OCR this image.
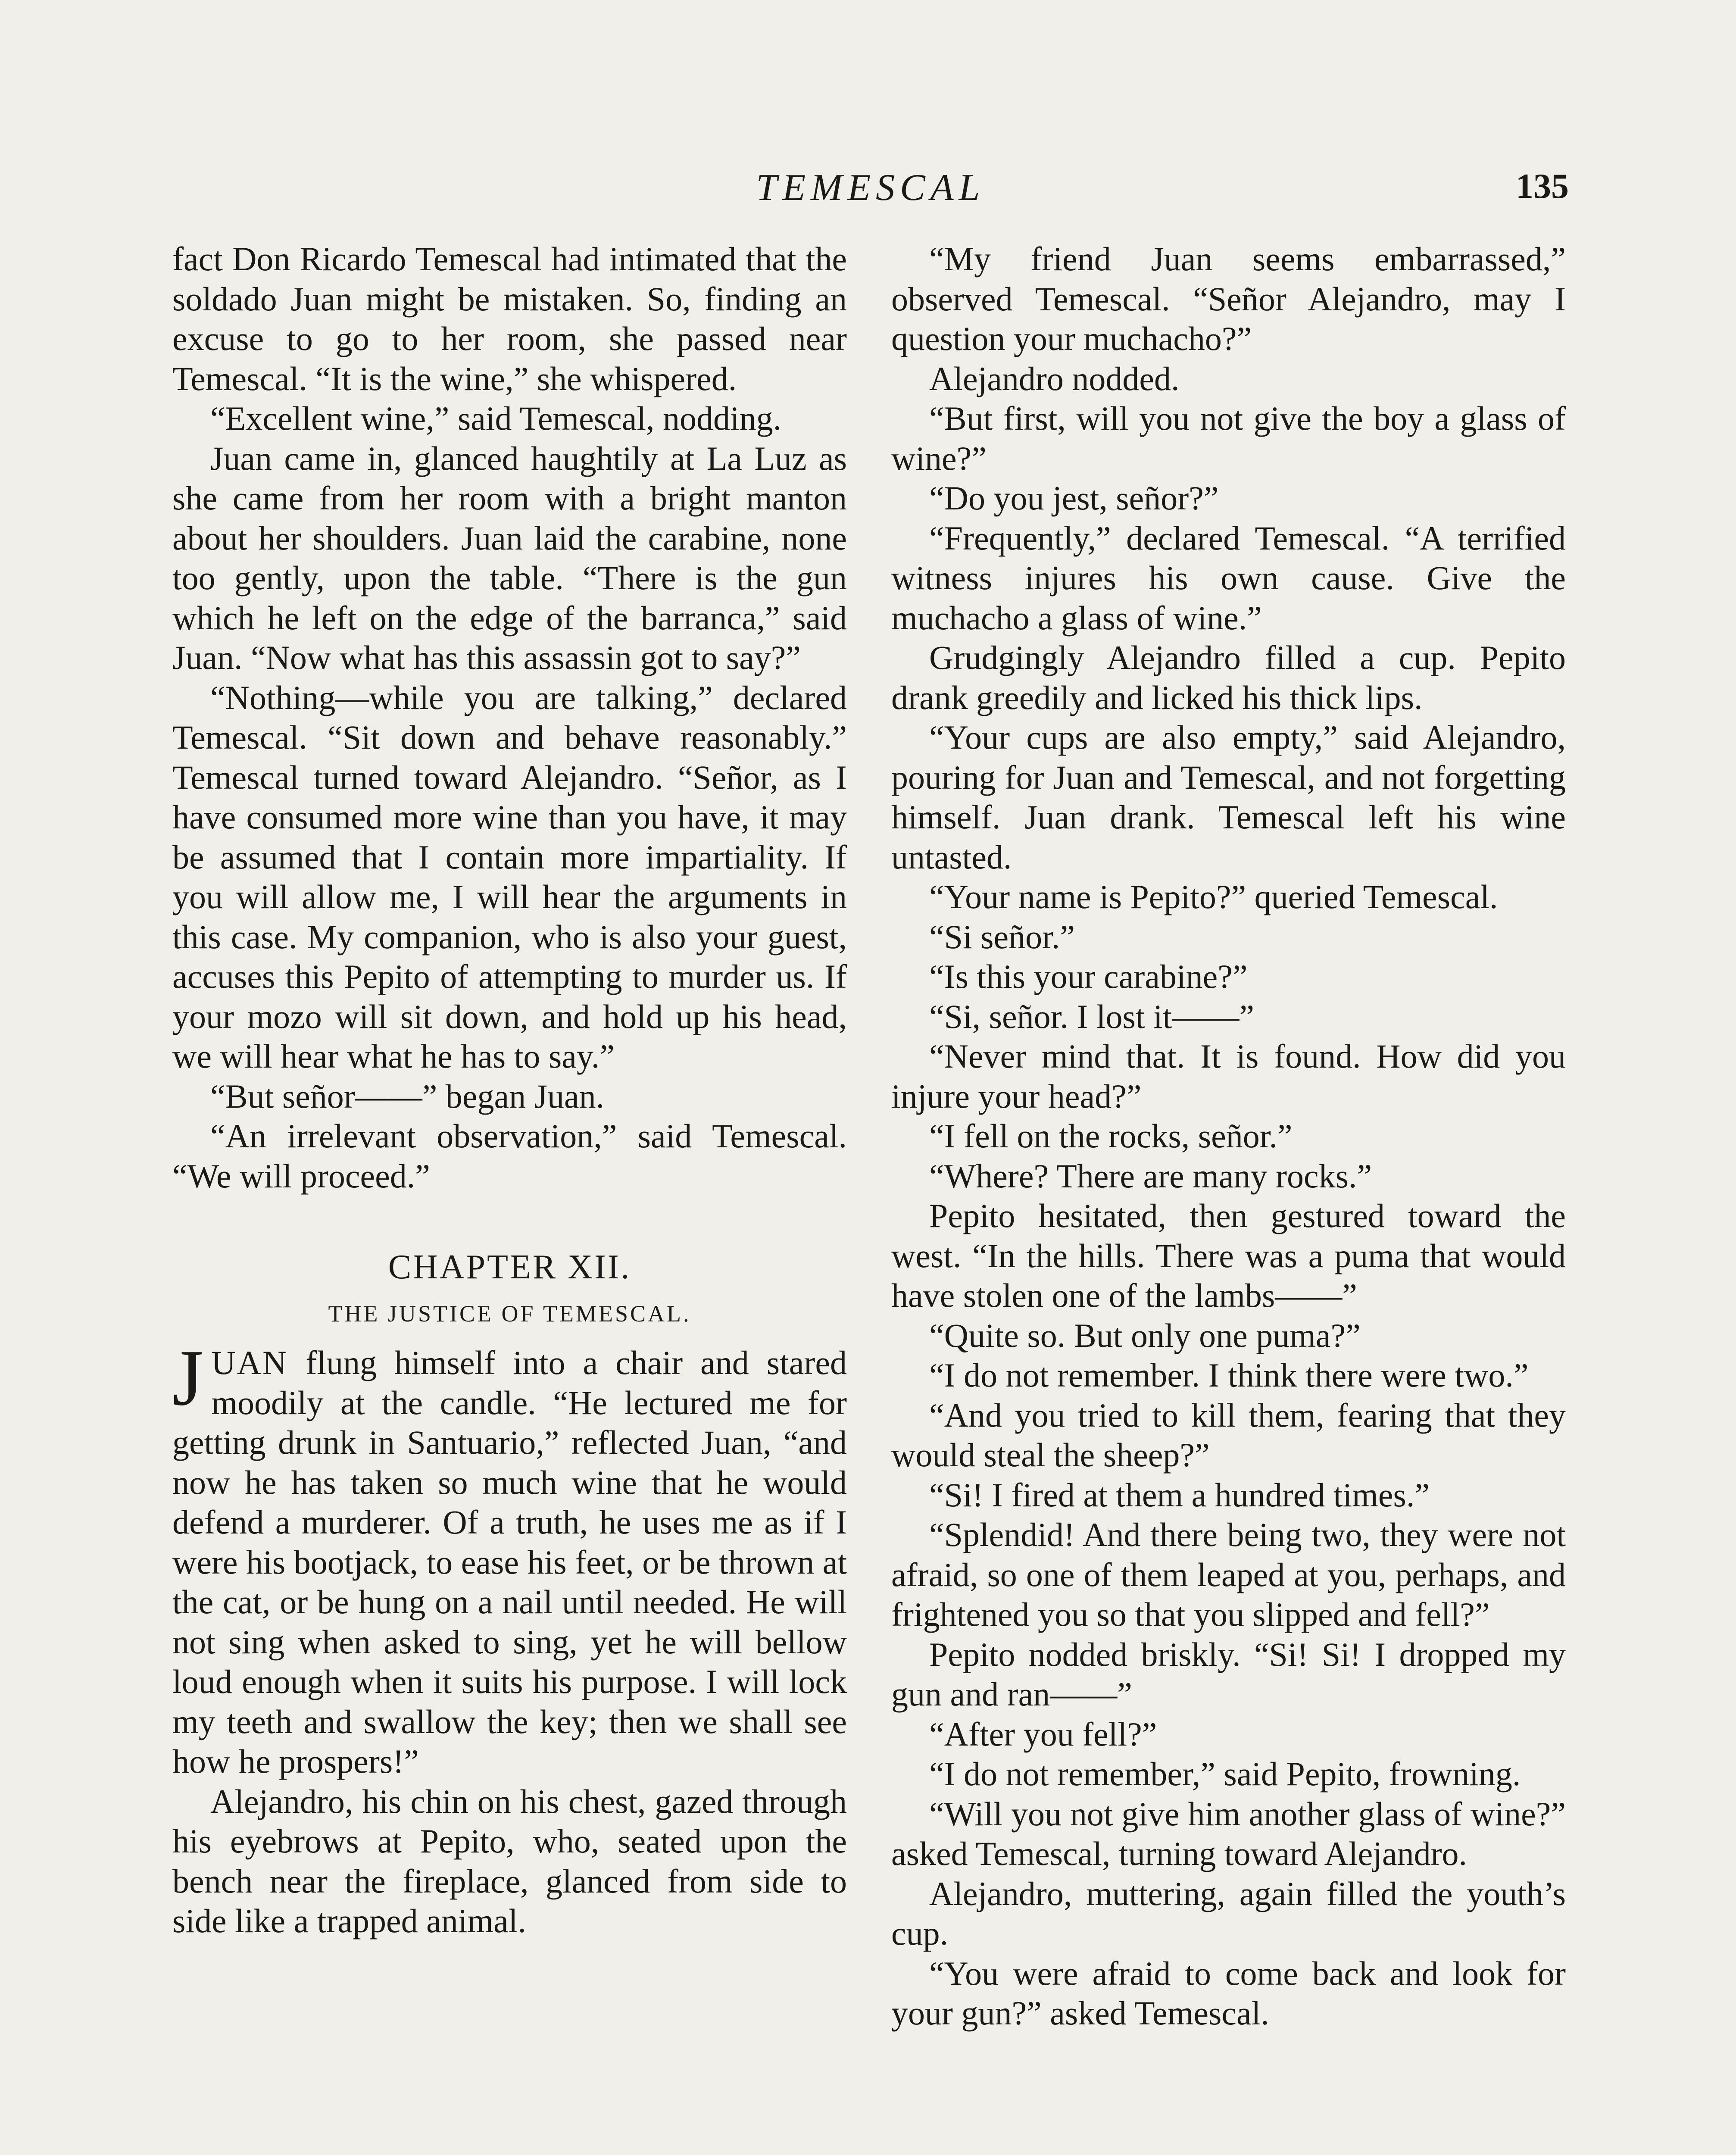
TEMESCAL	135

fact Don Ricardo Temescal had intimated that the soldado Juan might be mistaken. So, finding an excuse to go to her room, she passed near Temescal. “It is the wine,” she whispered.

“Excellent wine,” said Temescal, nodding.

Juan came in, glanced haughtily at La Luz as she came from her room with a bright manton about her shoulders. Juan laid the carabine, none too gently, upon the table. “There is the gun which he left on the edge of the barranca,” said Juan. “Now what has this assassin got to say?”

“Nothing—while you are talking,” declared Temescal. “Sit down and behave reasonably.” Temescal turned toward Alejandro. “Señor, as I have consumed more wine than you have, it may be assumed that I contain more impartiality. If you will allow me, I will hear the arguments in this case. My companion, who is also your guest, accuses this Pepito of attempting to murder us. If your mozo will sit down, and hold up his head, we will hear what he has to say.”

“But señor——” began Juan.

“An irrelevant observation,” said Temescal. “We will proceed.”

CHAPTER XII.
THE JUSTICE OF TEMESCAL.

JUAN flung himself into a chair and stared moodily at the candle. “He lectured me for getting drunk in Santuario,” reflected Juan, “and now he has taken so much wine that he would defend a murderer. Of a truth, he uses me as if I were his bootjack, to ease his feet, or be thrown at the cat, or be hung on a nail until needed. He will not sing when asked to sing, yet he will bellow loud enough when it suits his purpose. I will lock my teeth and swallow the key; then we shall see how he prospers!”

Alejandro, his chin on his chest, gazed through his eyebrows at Pepito, who, seated upon the bench near the fireplace, glanced from side to side like a trapped animal.

“My friend Juan seems embarrassed,” observed Temescal. “Señor Alejandro, may I question your muchacho?”

Alejandro nodded.

“But first, will you not give the boy a glass of wine?”

“Do you jest, señor?”

“Frequently,” declared Temescal. “A terrified witness injures his own cause. Give the muchacho a glass of wine.”

Grudgingly Alejandro filled a cup. Pepito drank greedily and licked his thick lips.

“Your cups are also empty,” said Alejandro, pouring for Juan and Temescal, and not forgetting himself. Juan drank. Temescal left his wine untasted.

“Your name is Pepito?” queried Temescal.

“Si señor.”

“Is this your carabine?”

“Si, señor. I lost it——”

“Never mind that. It is found. How did you injure your head?”

“I fell on the rocks, señor.”

“Where? There are many rocks.”

Pepito hesitated, then gestured toward the west. “In the hills. There was a puma that would have stolen one of the lambs——”

“Quite so. But only one puma?”

“I do not remember. I think there were two.”

“And you tried to kill them, fearing that they would steal the sheep?”

“Si! I fired at them a hundred times.”

“Splendid! And there being two, they were not afraid, so one of them leaped at you, perhaps, and frightened you so that you slipped and fell?”

Pepito nodded briskly. “Si! Si! I dropped my gun and ran——”

“After you fell?”

“I do not remember,” said Pepito, frowning.

“Will you not give him another glass of wine?” asked Temescal, turning toward Alejandro.

Alejandro, muttering, again filled the youth’s cup.

“You were afraid to come back and look for your gun?” asked Temescal.
